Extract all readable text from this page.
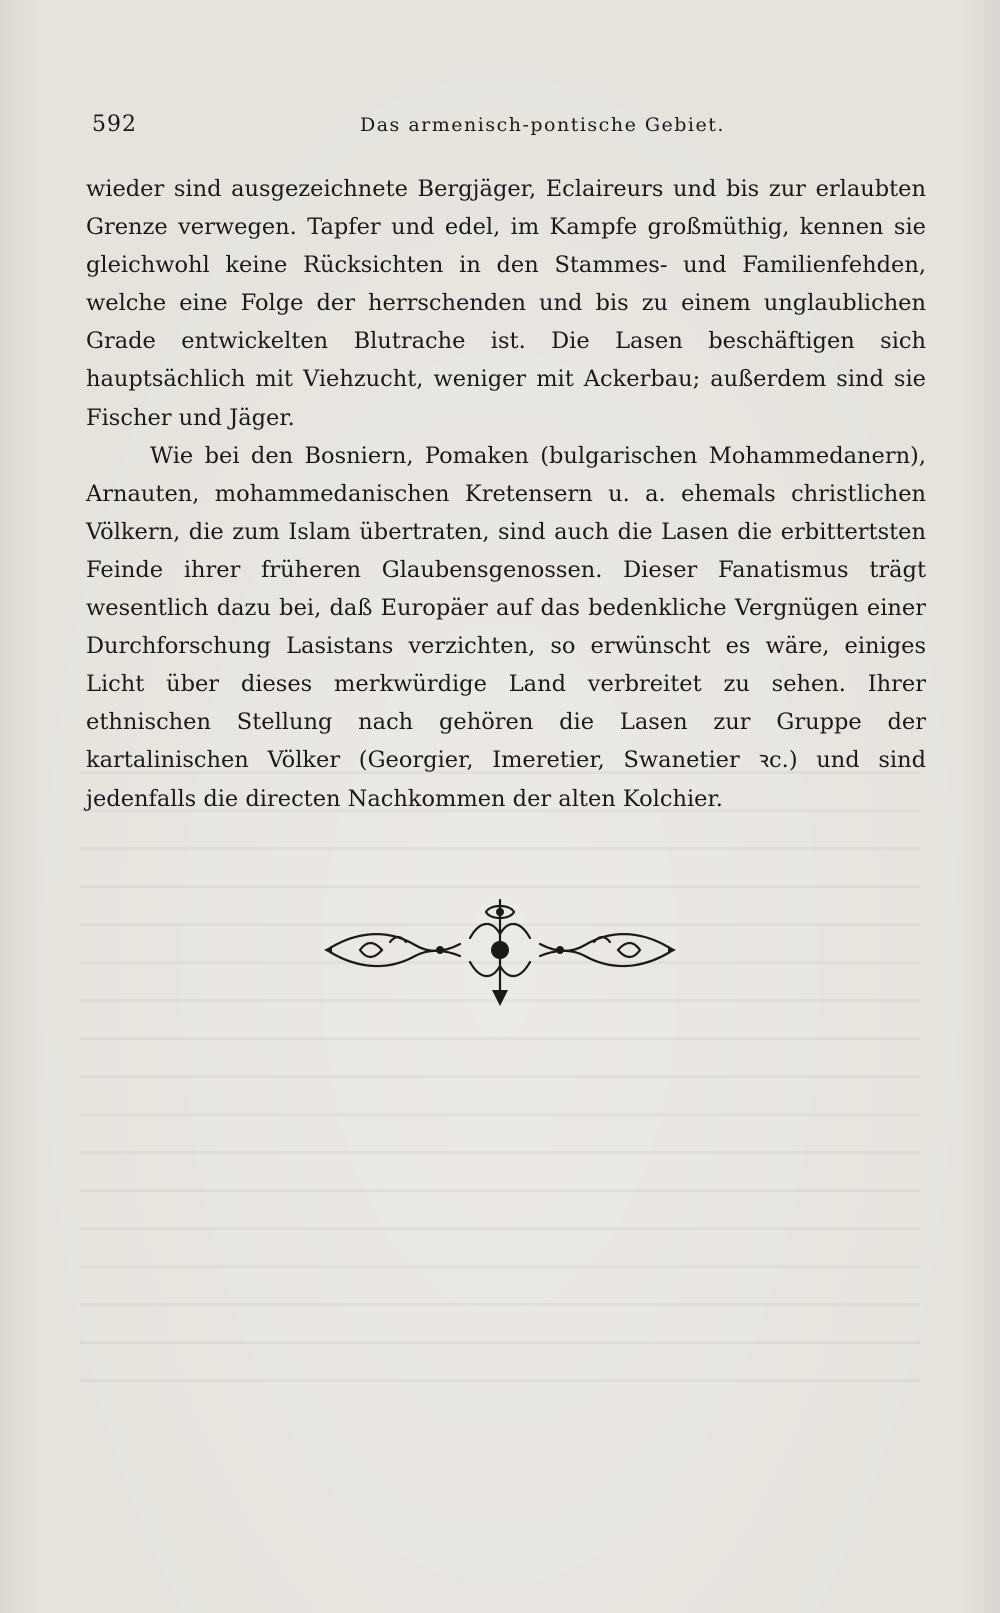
592	Das armenisch-pontische Gebiet.

wieder sind ausgezeichnete Bergjäger, Eclaireurs und bis zur erlaubten Grenze verwegen. Tapfer und edel, im Kampfe großmüthig, kennen sie gleichwohl keine Rücksichten in den Stammes- und Familienfehden, welche eine Folge der herrschenden und bis zu einem unglaublichen Grade entwickelten Blutrache ist. Die Lasen beschäftigen sich hauptsächlich mit Viehzucht, weniger mit Ackerbau; außerdem sind sie Fischer und Jäger.

Wie bei den Bosniern, Pomaken (bulgarischen Mohammedanern), Arnauten, mohammedanischen Kretensern u. a. ehemals christlichen Völkern, die zum Islam übertraten, sind auch die Lasen die erbittertsten Feinde ihrer früheren Glaubensgenossen. Dieser Fanatismus trägt wesentlich dazu bei, daß Europäer auf das bedenkliche Vergnügen einer Durchforschung Lasistans verzichten, so erwünscht es wäre, einiges Licht über dieses merkwürdige Land verbreitet zu sehen. Ihrer ethnischen Stellung nach gehören die Lasen zur Gruppe der kartalinischen Völker (Georgier, Imeretier, Swanetier ꝛc.) und sind jedenfalls die directen Nachkommen der alten Kolchier.
